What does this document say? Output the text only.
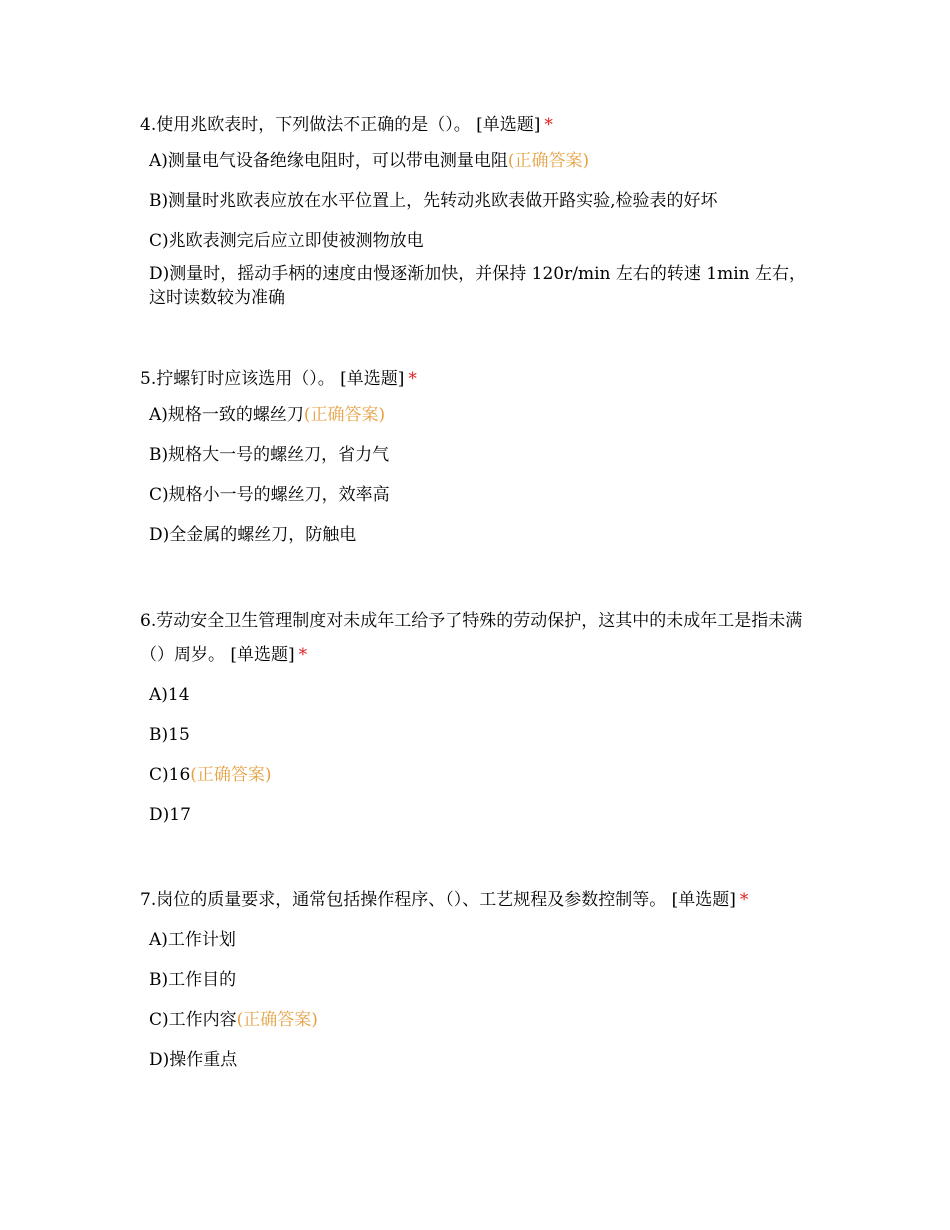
4.使用兆欧表时，下列做法不正确的是（）。 [单选题] *

A)测量电气设备绝缘电阻时，可以带电测量电阻(正确答案)
B)测量时兆欧表应放在水平位置上，先转动兆欧表做开路实验,检验表的好坏
C)兆欧表测完后应立即使被测物放电
D)测量时，摇动手柄的速度由慢逐渐加快，并保持 120r/min 左右的转速 1min 左右，这时读数较为准确

5.拧螺钉时应该选用（）。 [单选题] *

A)规格一致的螺丝刀(正确答案)
B)规格大一号的螺丝刀，省力气
C)规格小一号的螺丝刀，效率高
D)全金属的螺丝刀，防触电

6.劳动安全卫生管理制度对未成年工给予了特殊的劳动保护，这其中的未成年工是指未满（）周岁。 [单选题] *

A)14
B)15
C)16(正确答案)
D)17

7.岗位的质量要求，通常包括操作程序、（）、工艺规程及参数控制等。 [单选题] *

A)工作计划
B)工作目的
C)工作内容(正确答案)
D)操作重点
